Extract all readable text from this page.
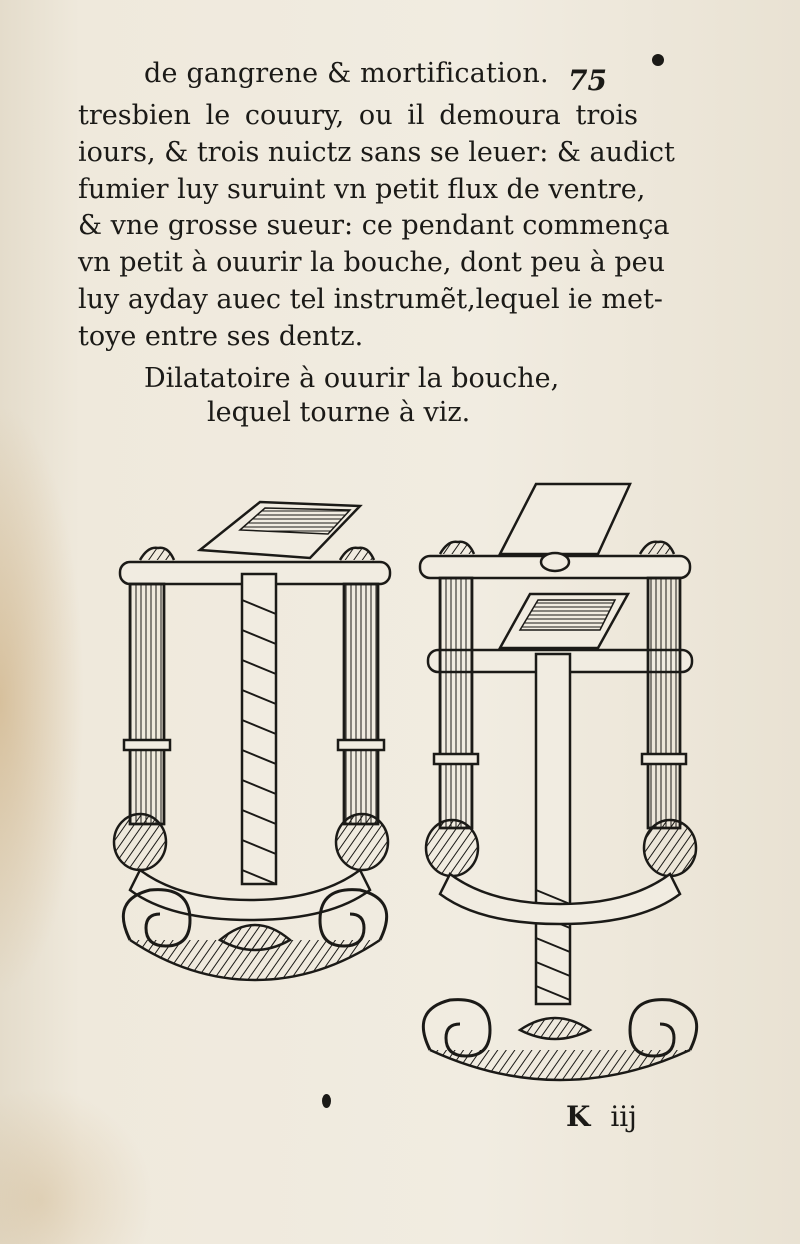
de gangrene & mortification. 75
tresbien le couury, ou il demoura trois
iours, & trois nuictz sans se leuer: & audict
fumier luy suruint vn petit flux de ventre,
& vne grosse sueur: ce pendant commença
vn petit à ouurir la bouche, dont peu à peu
luy ayday auec tel instrumẽt,lequel ie met-
toye entre ses dentz.
Dilatatoire à ouurir la bouche,
lequel tourne à viz.
K iij
